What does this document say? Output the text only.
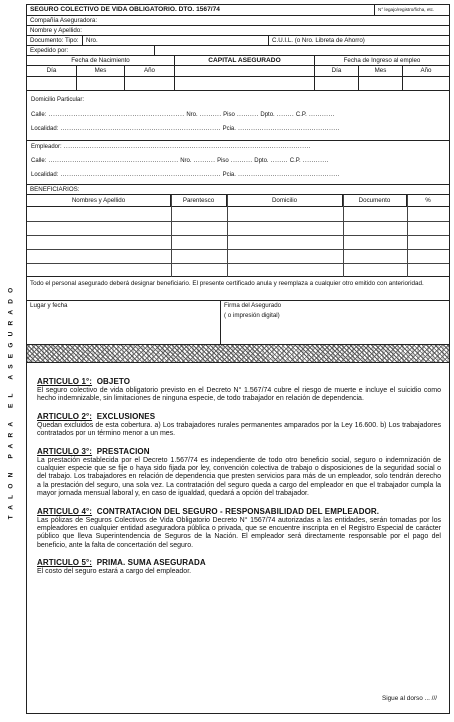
TALON PARA EL ASEGURADO
SEGURO COLECTIVO DE VIDA OBLIGATORIO. DTO. 1567/74	N° legajo/registro/ficha, etc.
Compañía Aseguradora:
Nombre y Apellido:
Documento: Tipo:	Nro.	C.U.I.L. (o Nro. Libreta de Ahorro)
Expedido por:
Fecha de Nacimiento	CAPITAL ASEGURADO	Fecha de Ingreso al empleo
Día	Mes	Año	Día	Mes	Año
Domicilio Particular:
Calle: ............................................................ Nro. .......... Piso .......... Dpto. ........ C.P. ............
Localidad: .......................................................................... Pcia. ...............................................
Empleador: ..................................................................................................................
Calle: ............................................................ Nro. .......... Piso .......... Dpto. ........ C.P. ............
Localidad: .......................................................................... Pcia. ...............................................
BENEFICIARIOS:
Nombres y Apellido	Parentesco	Domicilio	Documento	%
Todo el personal asegurado deberá designar beneficiario. El presente certificado anula y reemplaza a cualquier otro emitido con anterioridad.
Lugar y fecha	Firma del Asegurado
( o impresión digital)
ARTICULO 1°: OBJETO

El seguro colectivo de vida obligatorio previsto en el Decreto N° 1.567/74 cubre el riesgo de muerte e incluye el suicidio como hecho indemnizable, sin limitaciones de ninguna especie, de todo trabajador en relación de dependencia.

ARTICULO 2°: EXCLUSIONES

Quedan excluidos de esta cobertura. a) Los trabajadores rurales permanentes amparados por la Ley 16.600. b) Los trabajadores contratados por un término menor a un mes.

ARTICULO 3°: PRESTACION

La prestación establecida por el Decreto 1.567/74 es independiente de todo otro beneficio social, seguro o indemnización de cualquier especie que se fije o haya sido fijada por ley, convención colectiva de trabajo o disposiciones de la seguridad social o del trabajo. Los trabajadores en relación de dependencia que presten servicios para más de un empleador, solo tendrán derecho a la prestación del seguro, una sola vez. La contratación del seguro queda a cargo del empleador en que el trabajador cumpla la mayor jornada mensual laboral y, en caso de igualdad, quedará a opción del trabajador.

ARTICULO 4°: CONTRATACION DEL SEGURO - RESPONSABILIDAD DEL EMPLEADOR.

Las pólizas de Seguros Colectivos de Vida Obligatorio Decreto N° 1567/74 autorizadas a las entidades, serán tomadas por los empleadores en cualquier entidad aseguradora pública o privada, que se encuentre inscripta en el Registro Especial de carácter público que lleva Superintendencia de Seguros de la Nación. El empleador será directamente responsable por el pago del beneficio, ante la falta de concertación del seguro.

ARTICULO 5°: PRIMA. SUMA ASEGURADA

El costo del seguro estará a cargo del empleador.

Sigue al dorso ... ///
